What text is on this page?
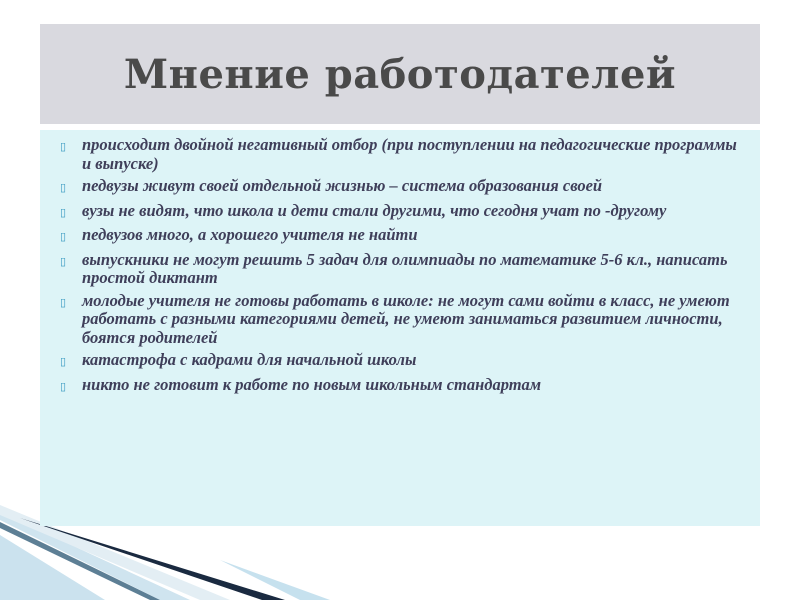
Мнение работодателей
▯ происходит двойной негативный отбор (при поступлении на педагогические программы и выпуске)
▯ педвузы живут своей отдельной жизнью – система образования своей
▯ вузы не видят, что школа и дети стали другими, что сегодня учат по -другому
▯ педвузов много, а хорошего учителя не найти
▯ выпускники не могут решить 5 задач для олимпиады по математике 5-6 кл., написать простой диктант
▯ молодые учителя не готовы работать в школе: не могут сами войти в класс, не умеют работать с разными категориями детей, не умеют заниматься развитием личности, боятся родителей
▯ катастрофа с кадрами для начальной школы
▯ никто не готовит к работе по новым школьным стандартам
